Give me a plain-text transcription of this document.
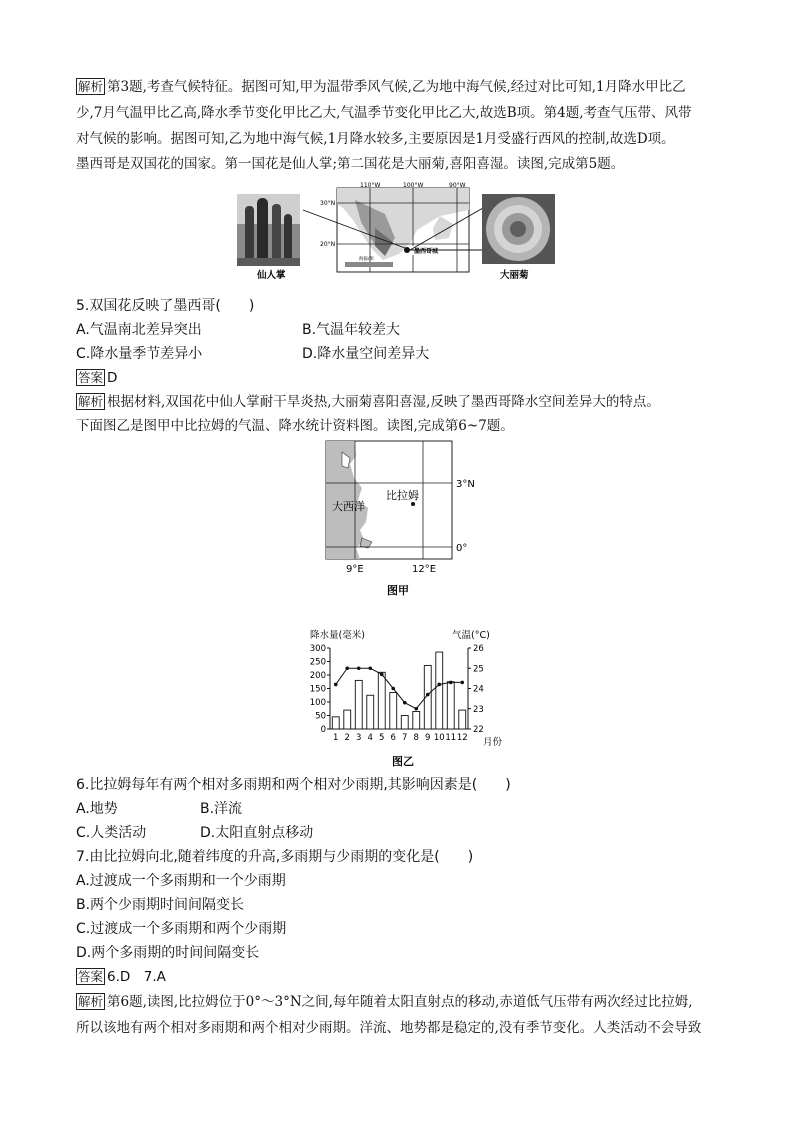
解析 第3题,考查气候特征。据图可知,甲为温带季风气候,乙为地中海气候,经过对比可知,1月降水甲比乙
少,7月气温甲比乙高,降水季节变化甲比乙大,气温季节变化甲比乙大,故选B项。第4题,考查气压带、风带
对气候的影响。据图可知,乙为地中海气候,1月降水较多,主要原因是1月受盛行西风的控制,故选D项。
墨西哥是双国花的国家。第一国花是仙人掌;第二国花是大丽菊,喜阳喜湿。读图,完成第5题。
仙人掌
110°W	100°W	90°W
30°N
20°N
墨西哥城
海拔/米
大丽菊
5.双国花反映了墨西哥(　　)
A.气温南北差异突出	B.气温年较差大
C.降水量季节差异小	D.降水量空间差异大
答案 D
解析 根据材料,双国花中仙人掌耐干旱炎热,大丽菊喜阳喜湿,反映了墨西哥降水空间差异大的特点。
下面图乙是图甲中比拉姆的气温、降水统计资料图。读图,完成第6~7题。
大西洋
比拉姆
3°N
0°
9°E	12°E
图甲
降水量(毫米)	气温(°C)
0
50
100
150
200
250
300
22
23
24
25
26
1 2 3 4 5 6 7 8 9 10 11 12 月份
图乙
6.比拉姆每年有两个相对多雨期和两个相对少雨期,其影响因素是(　　)
A.地势	B.洋流
C.人类活动	D.太阳直射点移动
7.由比拉姆向北,随着纬度的升高,多雨期与少雨期的变化是(　　)
A.过渡成一个多雨期和一个少雨期
B.两个少雨期时间间隔变长
C.过渡成一个多雨期和两个少雨期
D.两个多雨期的时间间隔变长
答案 6.D　7.A
解析 第6题,读图,比拉姆位于0°～3°N之间,每年随着太阳直射点的移动,赤道低气压带有两次经过比拉姆,
所以该地有两个相对多雨期和两个相对少雨期。洋流、地势都是稳定的,没有季节变化。人类活动不会导致
